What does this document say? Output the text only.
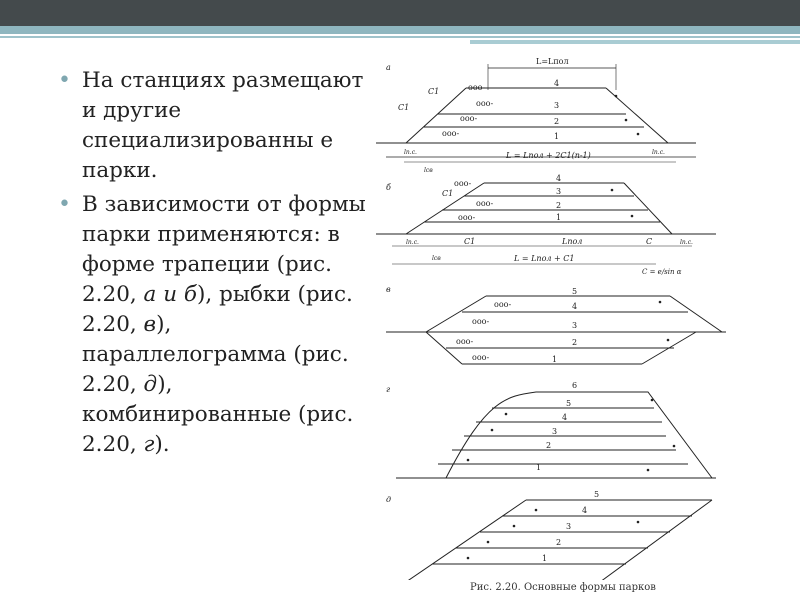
• На станциях размещают и другие специализированны е парки.
• В зависимости от формы парки применяются: в форме трапеции (рис. 2.20, а и б), рыбки (рис. 2.20, в), параллелограмма (рис. 2.20, д), комбинированные (рис. 2.20, г).
а
L=Lпол
4
3
2
1
ооо-
ооо-
ооо-
ооо-
C1
C1
L = Lпол + 2C1(n-1)
lп.с.	lп.с.
lсв
б
4
3
2
1
ооо-
ооо-
ооо-
lп.с.	C1
C1
Lпол	C	lп.с.
lсв	L = Lпол + C1
C = e/sin α
в	5
4
3
2
1
ооо-
ооо-
ооо-
ооо-
г	6
5
4
3
2
1
д
5
4
3
2
1
Рис. 2.20. Основные формы парков
